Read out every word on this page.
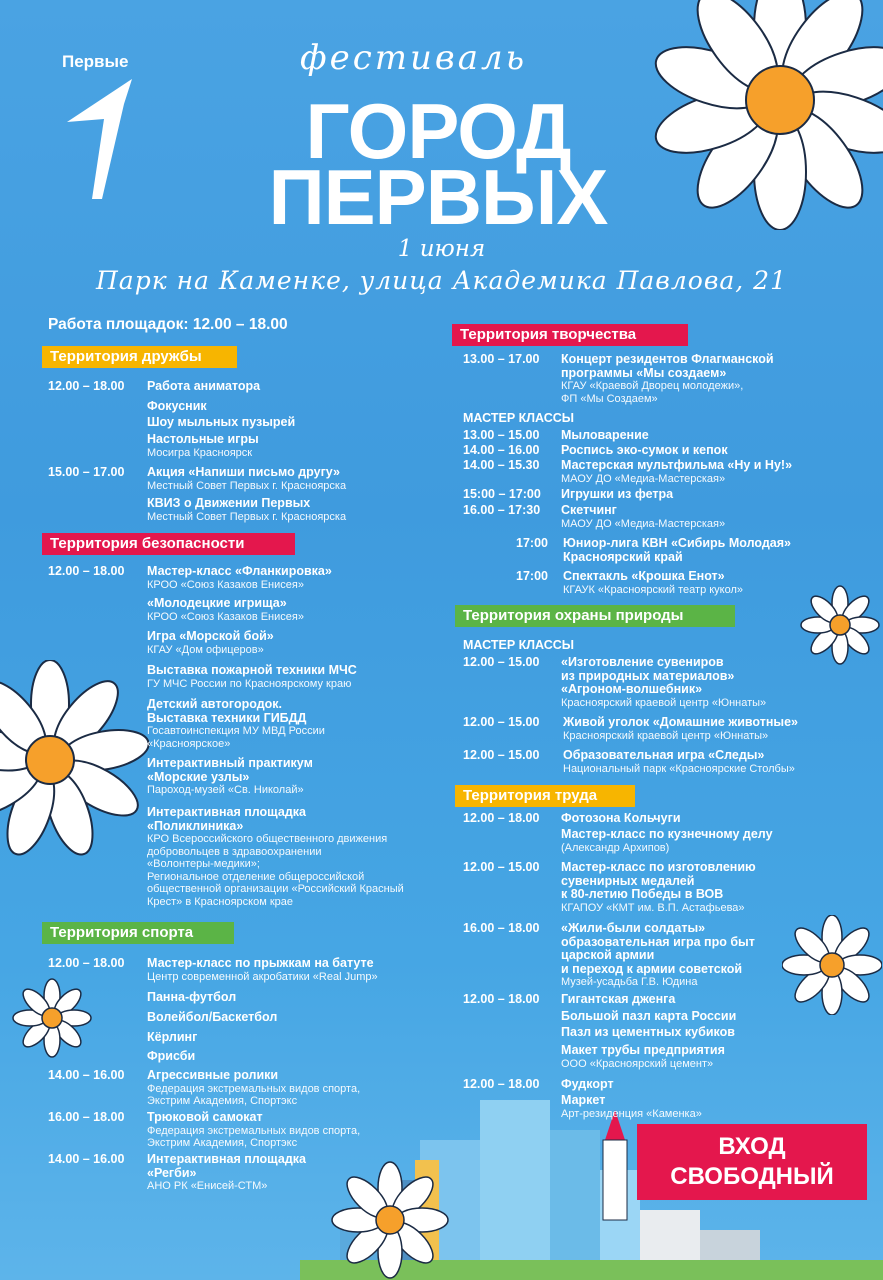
Первые	фестиваль
ГОРОД
ПЕРВЫХ
1 июня
Парк на Каменке, улица Академика Павлова, 21
Работа площадок: 12.00 – 18.00
Территория дружбы
12.00 – 18.00 Работа аниматора
Фокусник
Шоу мыльных пузырей
Настольные игры
Мосигра Красноярск
15.00 – 17.00 Акция «Напиши письмо другу»
Местный Совет Первых г. Красноярска
КВИЗ о Движении Первых
Местный Совет Первых г. Красноярска
Территория безопасности
12.00 – 18.00 Мастер-класс «Фланкировка»
КРОО «Союз Казаков Енисея»
«Молодецкие игрища»
КРОО «Союз Казаков Енисея»
Игра «Морской бой»
КГАУ «Дом офицеров»
Выставка пожарной техники МЧС
ГУ МЧС России по Красноярскому краю
Детский автогородок.
Выставка техники ГИБДД
Госавтоинспекция МУ МВД России
«Красноярское»
Интерактивный практикум
«Морские узлы»
Пароход-музей «Св. Николай»
Интерактивная площадка
«Поликлиника»
КРО Всероссийского общественного движения
добровольцев в здравоохранении
«Волонтеры-медики»;
Региональное отделение общероссийской
общественной организации «Российский Красный
Крест» в Красноярском крае
Территория спорта
12.00 – 18.00 Мастер-класс по прыжкам на батуте
Центр современной акробатики «Real Jump»
Панна-футбол
Волейбол/Баскетбол
Кёрлинг
Фрисби
14.00 – 16.00 Агрессивные ролики
Федерация экстремальных видов спорта,
Экстрим Академия, Спортэкс
16.00 – 18.00 Трюковой самокат
Федерация экстремальных видов спорта,
Экстрим Академия, Спортэкс
14.00 – 16.00 Интерактивная площадка
«Регби»
АНО РК «Енисей-СТМ»
Территория творчества
13.00 – 17.00 Концерт резидентов Флагманской
программы «Мы создаем»
КГАУ «Краевой Дворец молодежи»,
ФП «Мы Создаем»
МАСТЕР КЛАССЫ
13.00 – 15.00 Мыловарение
14.00 – 16.00 Роспись эко-сумок и кепок
14.00 – 15.30 Мастерская мультфильма «Ну и Ну!»
МАОУ ДО «Медиа-Мастерская»
15:00 – 17:00 Игрушки из фетра
16.00 – 17:30 Скетчинг
МАОУ ДО «Медиа-Мастерская»
17:00 Юниор-лига КВН «Сибирь Молодая»
Красноярский край
17:00 Спектакль «Крошка Енот»
КГАУК «Красноярский театр кукол»
Территория охраны природы
МАСТЕР КЛАССЫ
12.00 – 15.00 «Изготовление сувениров
из природных материалов»
«Агроном-волшебник»
Красноярский краевой центр «Юннаты»
12.00 – 15.00 Живой уголок «Домашние животные»
Красноярский краевой центр «Юннаты»
12.00 – 15.00 Образовательная игра «Следы»
Национальный парк «Красноярские Столбы»
Территория труда
12.00 – 18.00 Фотозона Кольчуги
Мастер-класс по кузнечному делу
(Александр Архипов)
12.00 – 15.00 Мастер-класс по изготовлению
сувенирных медалей
к 80-летию Победы в ВОВ
КГАПОУ «КМТ им. В.П. Астафьева»
16.00 – 18.00 «Жили-были солдаты»
образовательная игра про быт
царской армии
и переход к армии советской
Музей-усадьба Г.В. Юдина
12.00 – 18.00 Гигантская дженга
Большой пазл карта России
Пазл из цементных кубиков
Макет трубы предприятия
ООО «Красноярский цемент»
12.00 – 18.00 Фудкорт
Маркет
Арт-резиденция «Каменка»
ВХОД
СВОБОДНЫЙ
